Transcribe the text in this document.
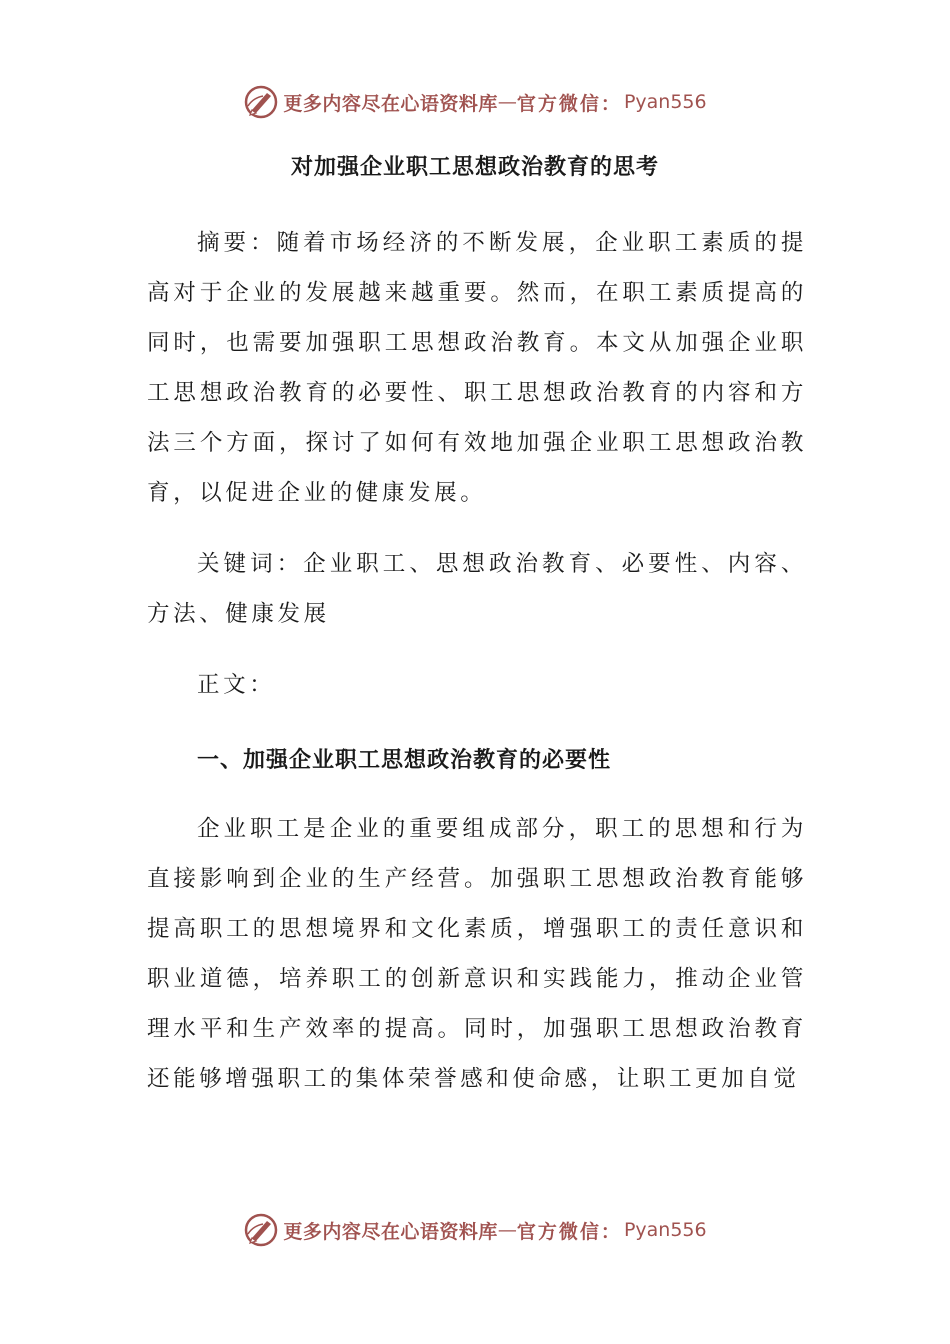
更多内容尽在心语资料库 — 官方微信： Pyan556
对加强企业职工思想政治教育的思考

摘要：随着市场经济的不断发展，企业职工素质的提高对于企业的发展越来越重要。然而，在职工素质提高的同时，也需要加强职工思想政治教育。本文从加强企业职工思想政治教育的必要性、职工思想政治教育的内容和方法三个方面，探讨了如何有效地加强企业职工思想政治教育，以促进企业的健康发展。

关键词：企业职工、思想政治教育、必要性、内容、方法、健康发展

正文：

一、加强企业职工思想政治教育的必要性

企业职工是企业的重要组成部分，职工的思想和行为直接影响到企业的生产经营。加强职工思想政治教育能够提高职工的思想境界和文化素质，增强职工的责任意识和职业道德，培养职工的创新意识和实践能力，推动企业管理水平和生产效率的提高。同时，加强职工思想政治教育还能够增强职工的集体荣誉感和使命感，让职工更加自觉

更多内容尽在心语资料库 — 官方微信： Pyan556
